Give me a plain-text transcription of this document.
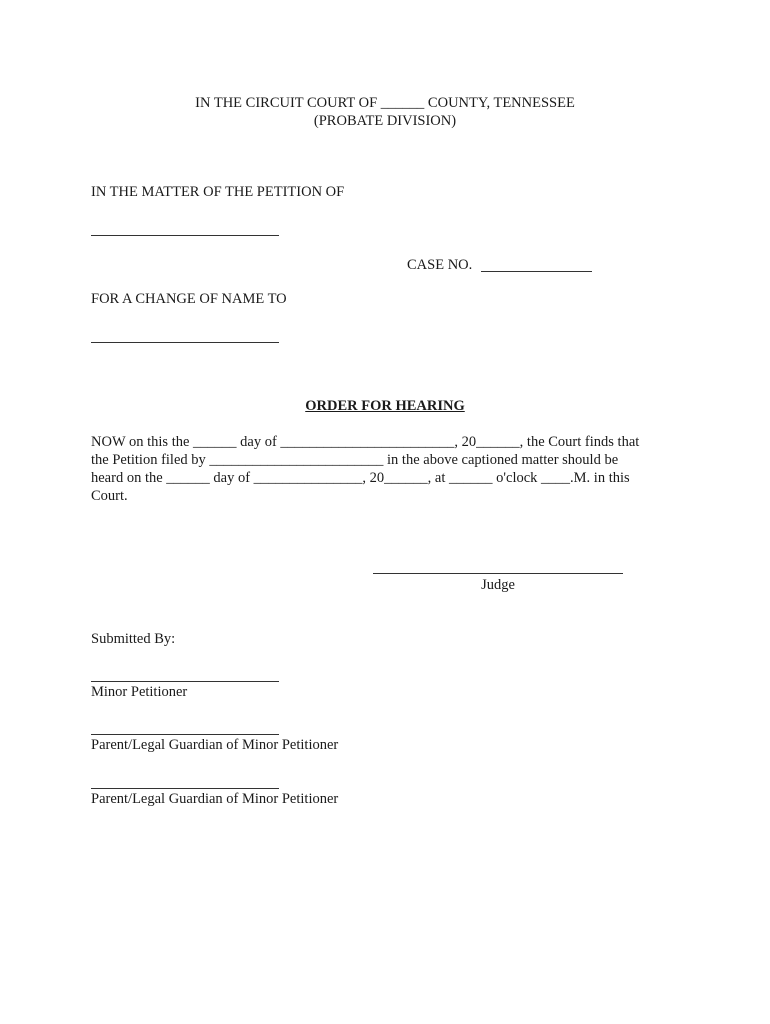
IN THE CIRCUIT COURT OF ______ COUNTY, TENNESSEE
(PROBATE DIVISION)
IN THE MATTER OF THE PETITION OF
CASE NO.
FOR A CHANGE OF NAME TO
ORDER FOR HEARING
NOW on this the ______ day of ________________________, 20______, the Court finds that
the Petition filed by ________________________ in the above captioned matter should be
heard on the ______ day of _______________, 20______, at ______ o'clock ____.M. in this
Court.
Judge
Submitted By:
Minor Petitioner
Parent/Legal Guardian of Minor Petitioner
Parent/Legal Guardian of Minor Petitioner
